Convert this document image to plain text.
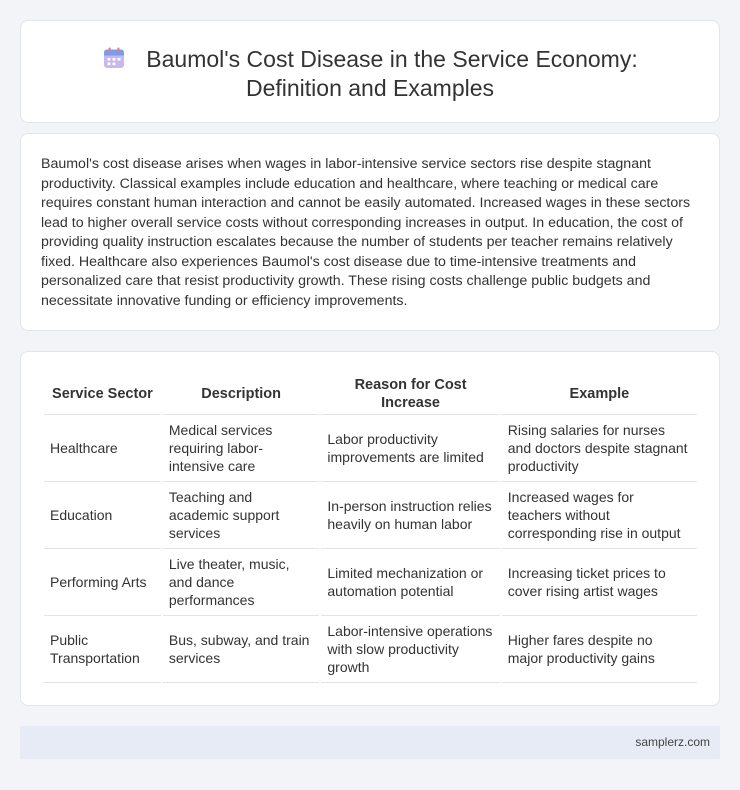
Baumol's Cost Disease in the Service Economy:
Definition and Examples

Baumol's cost disease arises when wages in labor-intensive service sectors rise despite stagnant productivity. Classical examples include education and healthcare, where teaching or medical care requires constant human interaction and cannot be easily automated. Increased wages in these sectors lead to higher overall service costs without corresponding increases in output. In education, the cost of providing quality instruction escalates because the number of students per teacher remains relatively fixed. Healthcare also experiences Baumol's cost disease due to time-intensive treatments and personalized care that resist productivity growth. These rising costs challenge public budgets and necessitate innovative funding or efficiency improvements.

Service Sector	Description	Reason for Cost Increase	Example
Healthcare	Medical services requiring labor-intensive care	Labor productivity improvements are limited	Rising salaries for nurses and doctors despite stagnant productivity
Education	Teaching and academic support services	In-person instruction relies heavily on human labor	Increased wages for teachers without corresponding rise in output
Performing Arts	Live theater, music, and dance performances	Limited mechanization or automation potential	Increasing ticket prices to cover rising artist wages
Public Transportation	Bus, subway, and train services	Labor-intensive operations with slow productivity growth	Higher fares despite no major productivity gains
samplerz.com
